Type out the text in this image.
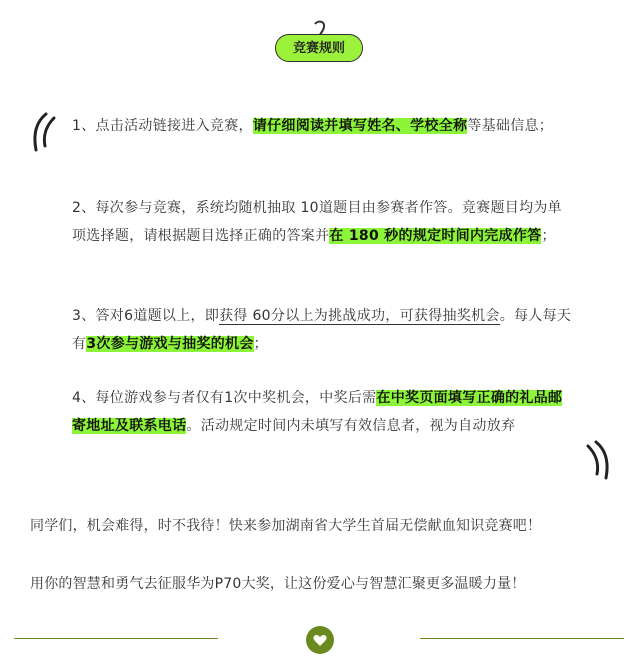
竞赛规则
1、点击活动链接进入竞赛，请仔细阅读并填写姓名、学校全称等基础信息；
2、每次参与竞赛，系统均随机抽取 10道题目由参赛者作答。竞赛题目均为单项选择题，请根据题目选择正确的答案并在 180 秒的规定时间内完成作答；
3、答对6道题以上，即获得 60分以上为挑战成功，可获得抽奖机会。每人每天有3次参与游戏与抽奖的机会；
4、每位游戏参与者仅有1次中奖机会，中奖后需在中奖页面填写正确的礼品邮寄地址及联系电话。活动规定时间内未填写有效信息者，视为自动放弃
同学们，机会难得，时不我待！快来参加湖南省大学生首届无偿献血知识竞赛吧！
用你的智慧和勇气去征服华为P70大奖，让这份爱心与智慧汇聚更多温暖力量！
